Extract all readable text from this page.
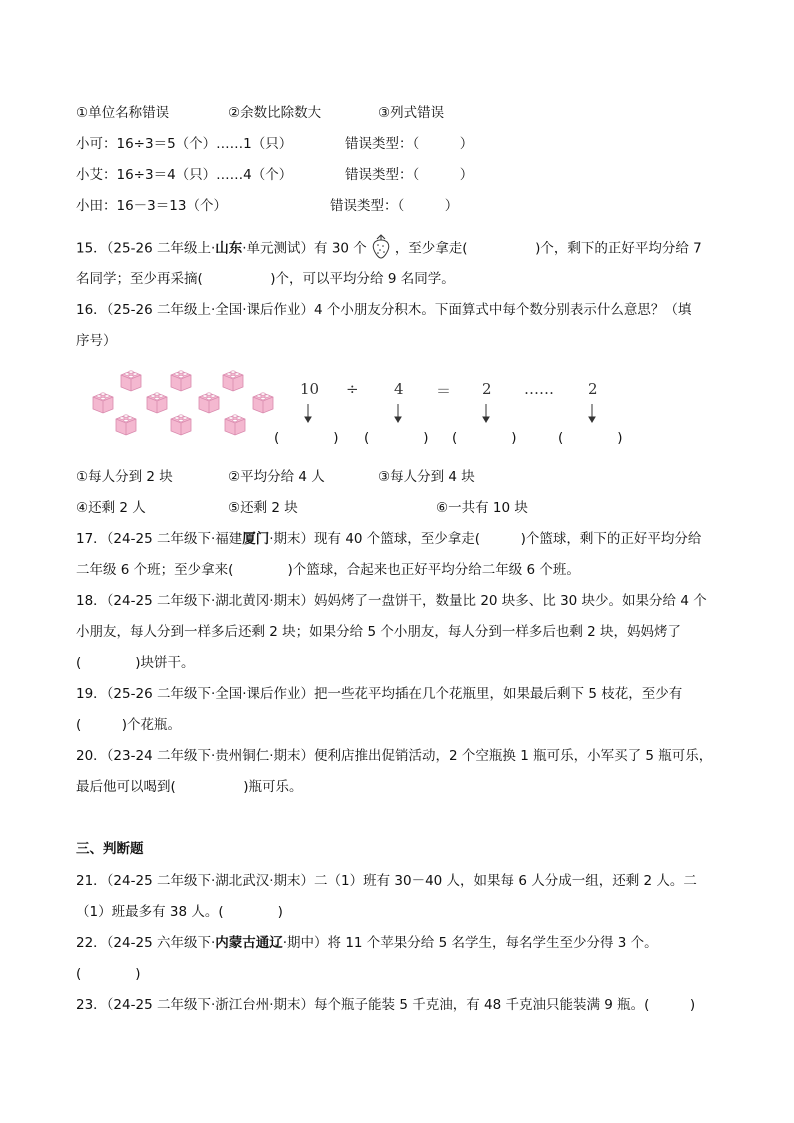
①单位名称错误	②余数比除数大	③列式错误
小可：16÷3＝5（个）……1（只）	错误类型：（　　　）
小艾：16÷3＝4（只）……4（个）	错误类型：（　　　）
小田：16－3＝13（个）	错误类型：（　　　）
15．（25-26 二年级上·山东·单元测试）有 30 个 ，至少拿走(　　　　　)个，剩下的正好平均分给 7
名同学；至少再采摘(　　　　　)个，可以平均分给 9 名同学。
16．（25-26 二年级上·全国·课后作业）4 个小朋友分积木。下面算式中每个数分别表示什么意思？（填
序号）
10 ÷ 4 ＝ 2 …… 2
(　　　　) (　　　　) (　　　　)	(　　　　)
①每人分到 2 块	②平均分给 4 人	③每人分到 4 块
④还剩 2 人	⑤还剩 2 块	⑥一共有 10 块
17．（24-25 二年级下·福建厦门·期末）现有 40 个篮球，至少拿走(　　　)个篮球，剩下的正好平均分给
二年级 6 个班；至少拿来(　　　　)个篮球，合起来也正好平均分给二年级 6 个班。
18．（24-25 二年级下·湖北黄冈·期末）妈妈烤了一盘饼干，数量比 20 块多、比 30 块少。如果分给 4 个
小朋友，每人分到一样多后还剩 2 块；如果分给 5 个小朋友，每人分到一样多后也剩 2 块，妈妈烤了
(　　　　)块饼干。
19．（25-26 二年级下·全国·课后作业）把一些花平均插在几个花瓶里，如果最后剩下 5 枝花，至少有
(　　　)个花瓶。
20．（23-24 二年级下·贵州铜仁·期末）便利店推出促销活动，2 个空瓶换 1 瓶可乐，小军买了 5 瓶可乐，
最后他可以喝到(　　　　　)瓶可乐。
三、判断题
21．（24-25 二年级下·湖北武汉·期末）二（1）班有 30－40 人，如果每 6 人分成一组，还剩 2 人。二
（1）班最多有 38 人。(　　　　)
22．（24-25 六年级下·内蒙古通辽·期中）将 11 个苹果分给 5 名学生，每名学生至少分得 3 个。
(　　　　)
23．（24-25 二年级下·浙江台州·期末）每个瓶子能装 5 千克油，有 48 千克油只能装满 9 瓶。(　　　)
